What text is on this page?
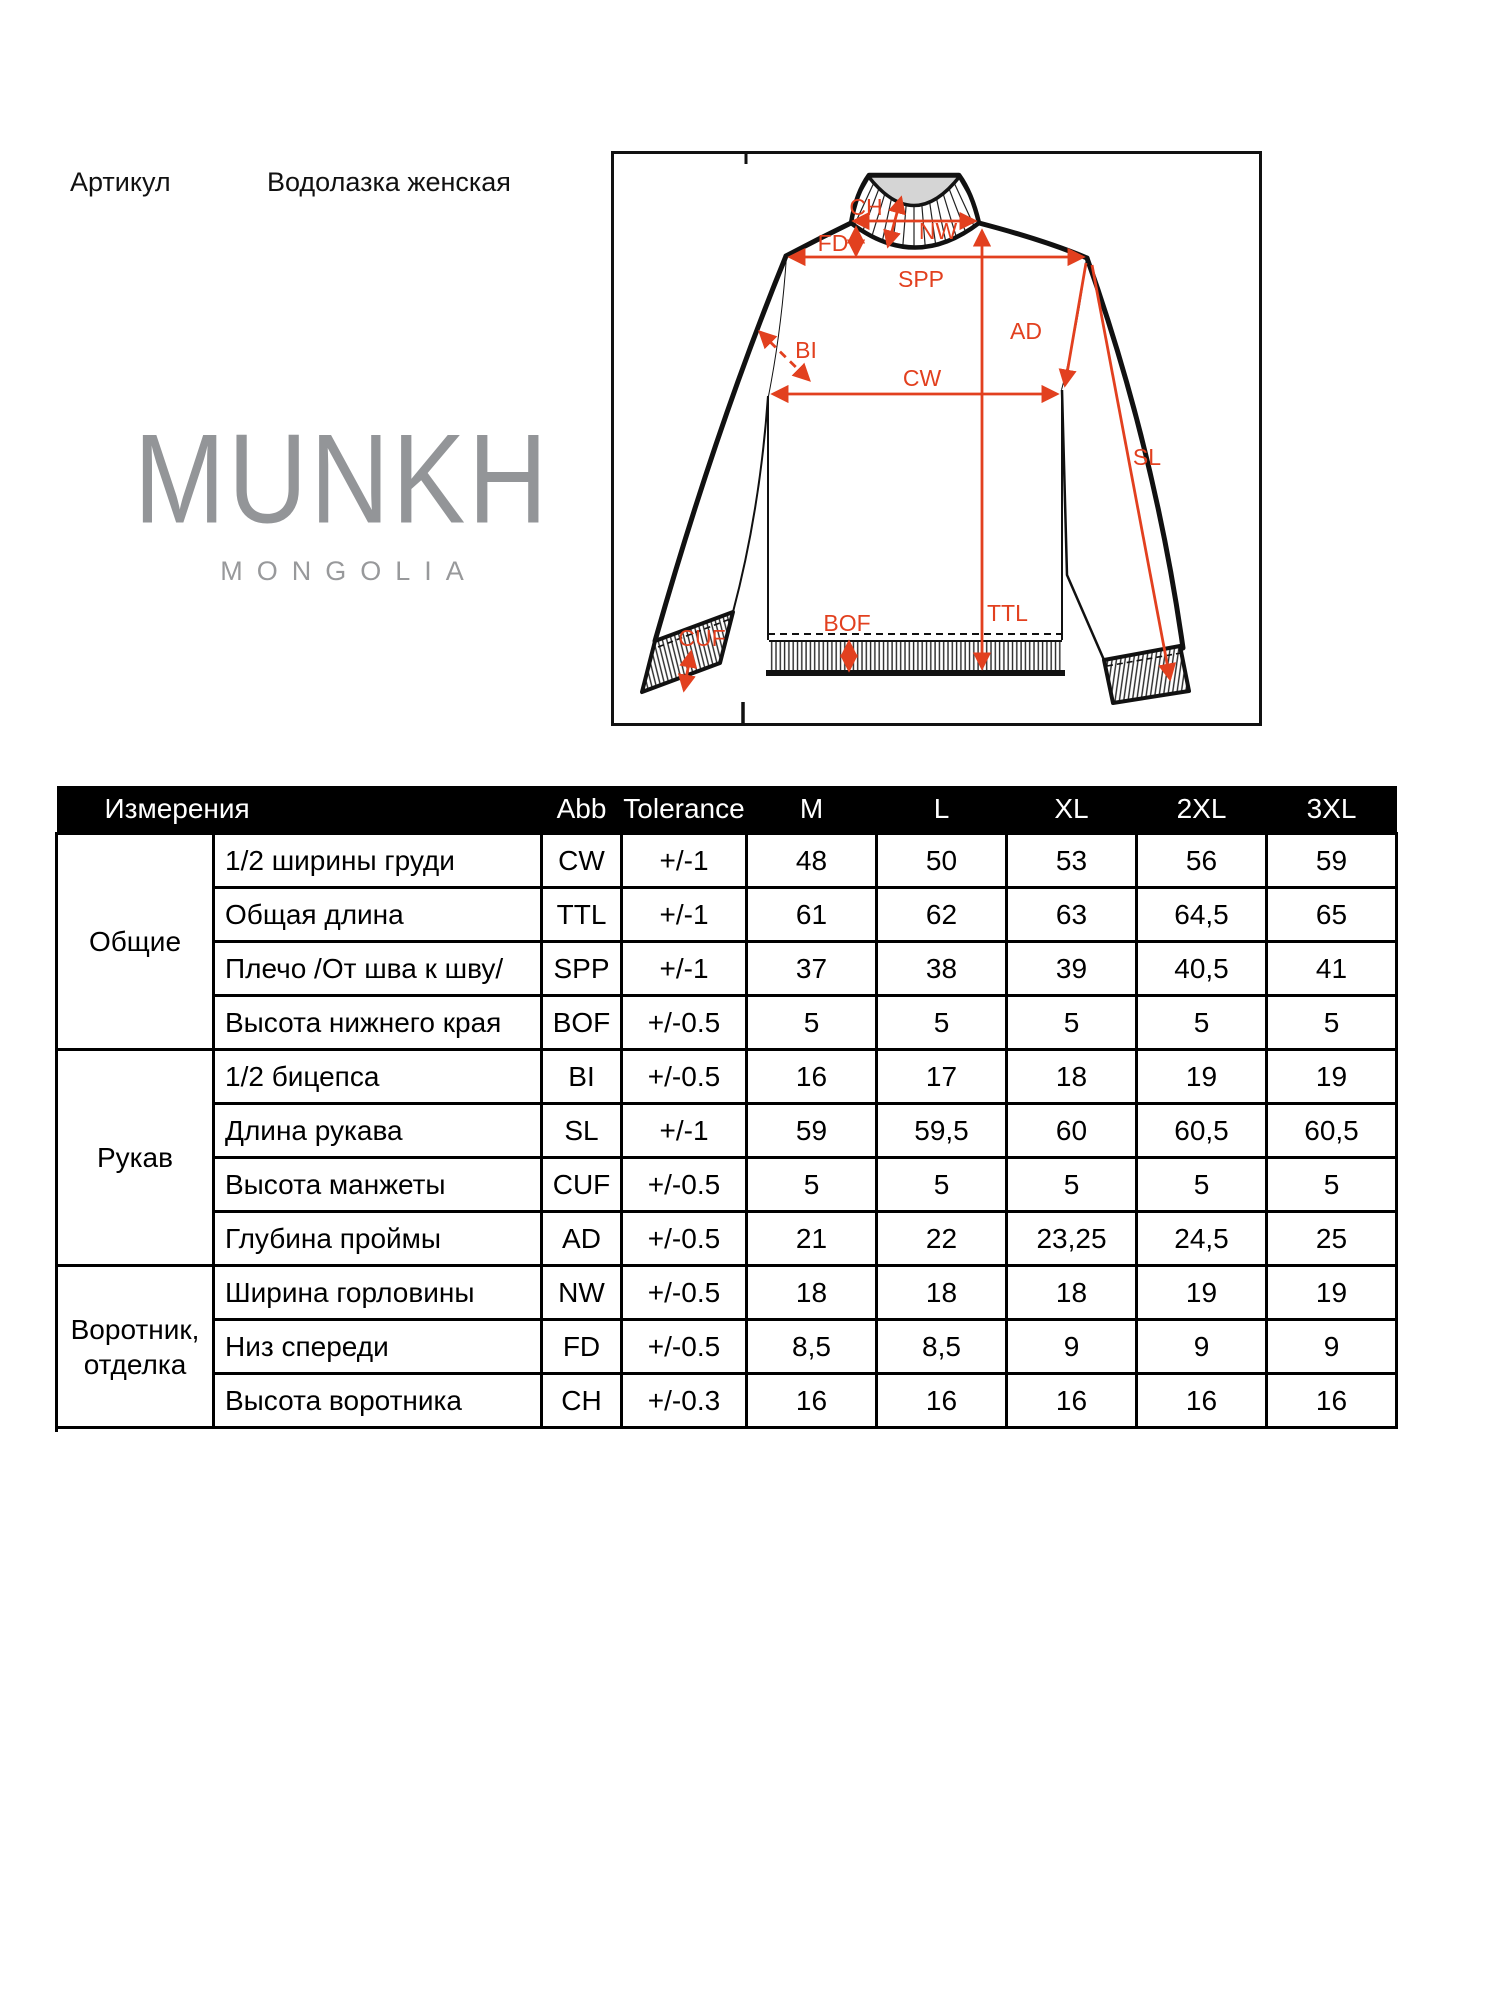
Артикул	Водолазка женская
MUNKH
MONGOLIA
CH
NW
FD
SPP
BI
CW
AD
SL
TTL
BOF
CUF
Измерения		Abb	Tolerance	M	L	XL	2XL	3XL
Общие	1/2 ширины груди	CW	+/-1	48	50	53	56	59
	Общая длина	TTL	+/-1	61	62	63	64,5	65
	Плечо /От шва к шву/	SPP	+/-1	37	38	39	40,5	41
	Высота нижнего края	BOF	+/-0.5	5	5	5	5	5
Рукав	1/2 бицепса	BI	+/-0.5	16	17	18	19	19
	Длина рукава	SL	+/-1	59	59,5	60	60,5	60,5
	Высота манжеты	CUF	+/-0.5	5	5	5	5	5
	Глубина проймы	AD	+/-0.5	21	22	23,25	24,5	25
Воротник, отделка	Ширина горловины	NW	+/-0.5	18	18	18	19	19
	Низ спереди	FD	+/-0.5	8,5	8,5	9	9	9
	Высота воротника	CH	+/-0.3	16	16	16	16	16
